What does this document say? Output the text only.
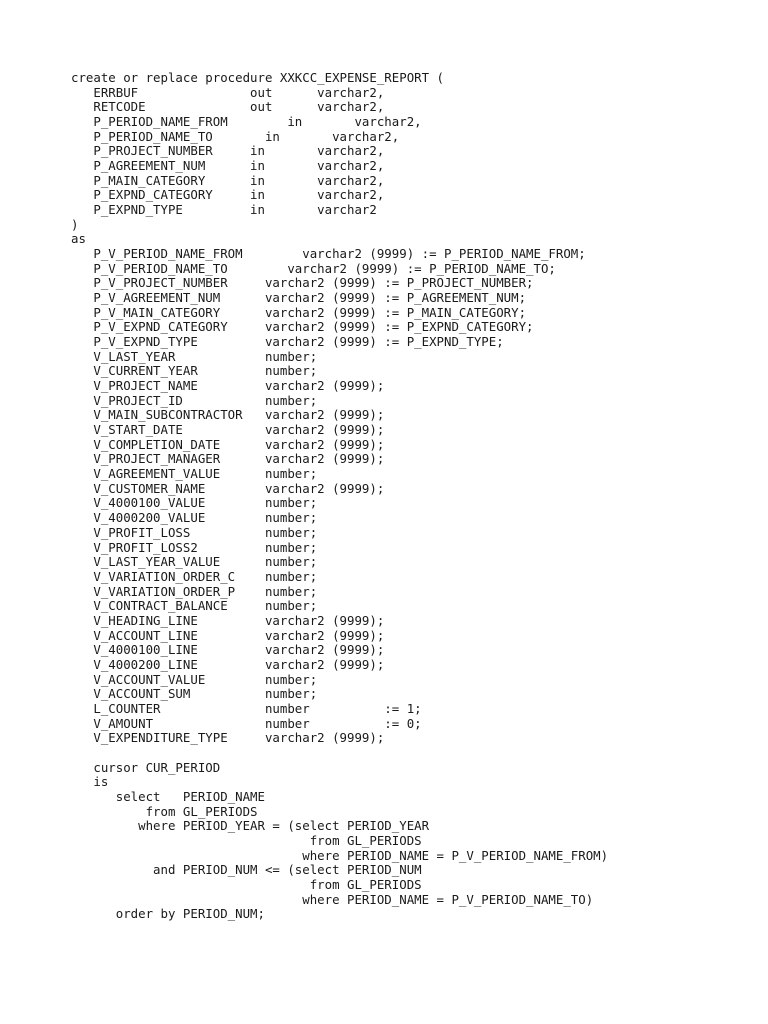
create or replace procedure XXKCC_EXPENSE_REPORT (
ERRBUF               out      varchar2,
RETCODE              out      varchar2,
P_PERIOD_NAME_FROM        in       varchar2,
P_PERIOD_NAME_TO       in       varchar2,
P_PROJECT_NUMBER     in       varchar2,
P_AGREEMENT_NUM      in       varchar2,
P_MAIN_CATEGORY      in       varchar2,
P_EXPND_CATEGORY     in       varchar2,
P_EXPND_TYPE         in       varchar2
)
as
P_V_PERIOD_NAME_FROM        varchar2 (9999) := P_PERIOD_NAME_FROM;
P_V_PERIOD_NAME_TO        varchar2 (9999) := P_PERIOD_NAME_TO;
P_V_PROJECT_NUMBER     varchar2 (9999) := P_PROJECT_NUMBER;
P_V_AGREEMENT_NUM      varchar2 (9999) := P_AGREEMENT_NUM;
P_V_MAIN_CATEGORY      varchar2 (9999) := P_MAIN_CATEGORY;
P_V_EXPND_CATEGORY     varchar2 (9999) := P_EXPND_CATEGORY;
P_V_EXPND_TYPE         varchar2 (9999) := P_EXPND_TYPE;
V_LAST_YEAR            number;
V_CURRENT_YEAR         number;
V_PROJECT_NAME         varchar2 (9999);
V_PROJECT_ID           number;
V_MAIN_SUBCONTRACTOR   varchar2 (9999);
V_START_DATE           varchar2 (9999);
V_COMPLETION_DATE      varchar2 (9999);
V_PROJECT_MANAGER      varchar2 (9999);
V_AGREEMENT_VALUE      number;
V_CUSTOMER_NAME        varchar2 (9999);
V_4000100_VALUE        number;
V_4000200_VALUE        number;
V_PROFIT_LOSS          number;
V_PROFIT_LOSS2         number;
V_LAST_YEAR_VALUE      number;
V_VARIATION_ORDER_C    number;
V_VARIATION_ORDER_P    number;
V_CONTRACT_BALANCE     number;
V_HEADING_LINE         varchar2 (9999);
V_ACCOUNT_LINE         varchar2 (9999);
V_4000100_LINE         varchar2 (9999);
V_4000200_LINE         varchar2 (9999);
V_ACCOUNT_VALUE        number;
V_ACCOUNT_SUM          number;
L_COUNTER              number          := 1;
V_AMOUNT               number          := 0;
V_EXPENDITURE_TYPE     varchar2 (9999);
cursor CUR_PERIOD
is
select   PERIOD_NAME
from GL_PERIODS
where PERIOD_YEAR = (select PERIOD_YEAR
from GL_PERIODS
where PERIOD_NAME = P_V_PERIOD_NAME_FROM)
and PERIOD_NUM <= (select PERIOD_NUM
from GL_PERIODS
where PERIOD_NAME = P_V_PERIOD_NAME_TO)
order by PERIOD_NUM;
